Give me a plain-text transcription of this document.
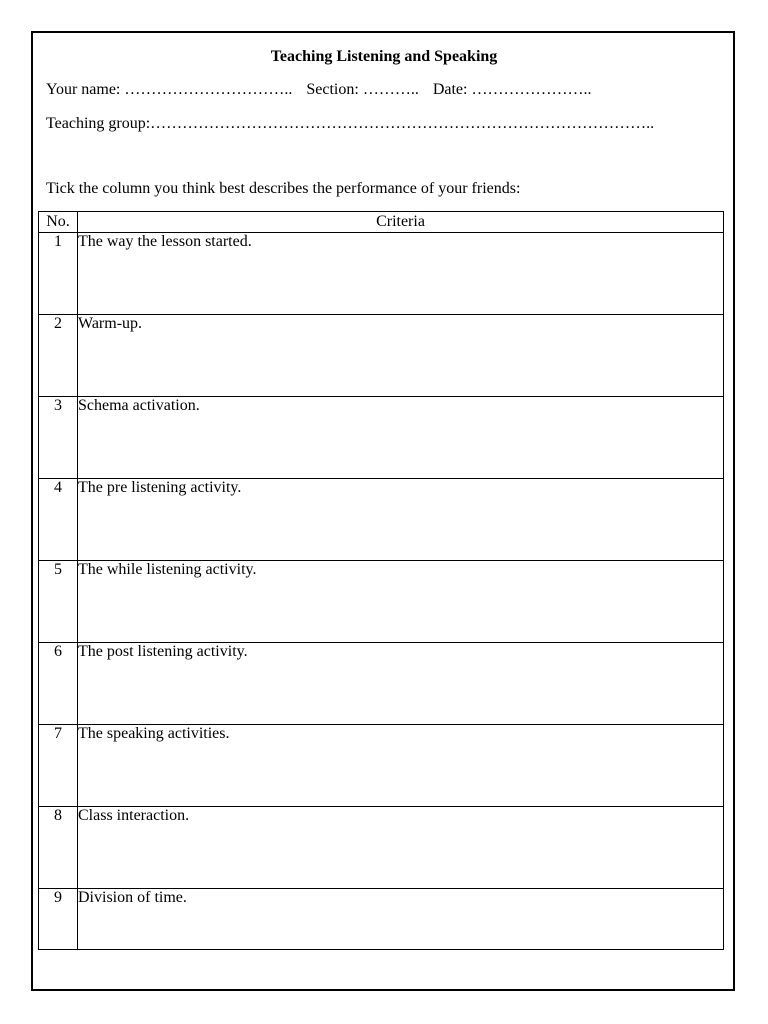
Teaching Listening and Speaking
Your name: ………………………….. Section: ……….. Date: …………………..
Teaching group:…………………………………………………………………………………..
Tick the column you think best describes the performance of your friends:
No.	Criteria
1	The way the lesson started.
2	Warm-up.
3	Schema activation.
4	The pre listening activity.
5	The while listening activity.
6	The post listening activity.
7	The speaking activities.
8	Class interaction.
9	Division of time.
